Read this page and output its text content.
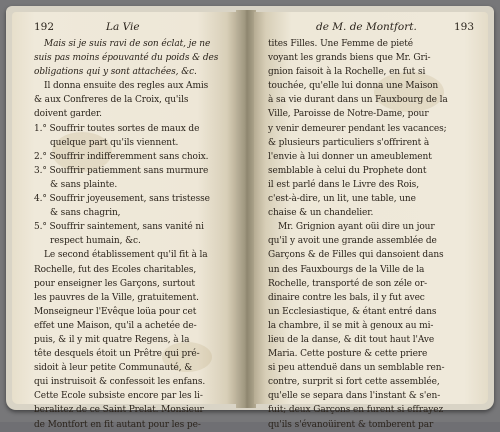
192	La Vie
Mais si je suis ravi de son éclat, je ne
suis pas moins épouvanté du poids & des
obligations qui y sont attachées, &c.
Il donna ensuite des regles aux Amis
& aux Confreres de la Croix, qu'ils
doivent garder.
1.° Souffrir toutes sortes de maux de
quelque part qu'ils viennent.
2.° Souffrir indifferemment sans choix.
3.° Souffrir patiemment sans murmure
& sans plainte.
4.° Souffrir joyeusement, sans tristesse
& sans chagrin,
5.° Souffrir saintement, sans vanité ni
respect humain, &c.
Le second établissement qu'il fit à la
Rochelle, fut des Ecoles charitables,
pour enseigner les Garçons, surtout
les pauvres de la Ville, gratuitement.
Monseigneur l'Evêque loüa pour cet
effet une Maison, qu'il a achetée de-
puis, & il y mit quatre Regens, à la
tête desquels étoit un Prêtre qui pré-
sidoit à leur petite Communauté, &
qui instruisoit & confessoit les enfans.
Cette Ecole subsiste encore par les li-
beralitez de ce Saint Prelat. Monsieur
de Montfort en fit autant pour les pe-
de M. de Montfort.	193
tites Filles. Une Femme de pieté
voyant les grands biens que Mr. Gri-
gnion faisoit à la Rochelle, en fut si
touchée, qu'elle lui donna une Maison
à sa vie durant dans un Fauxbourg de la
Ville, Paroisse de Notre-Dame, pour
y venir demeurer pendant les vacances;
& plusieurs particuliers s'offrirent à
l'envie à lui donner un ameublement
semblable à celui du Prophete dont
il est parlé dans le Livre des Rois,
c'est-à-dire, un lit, une table, une
chaise & un chandelier.
Mr. Grignion ayant oüi dire un jour
qu'il y avoit une grande assemblée de
Garçons & de Filles qui dansoient dans
un des Fauxbourgs de la Ville de la
Rochelle, transporté de son zéle or-
dinaire contre les bals, il y fut avec
un Ecclesiastique, & étant entré dans
la chambre, il se mit à genoux au mi-
lieu de la danse, & dit tout haut l'Ave
Maria. Cette posture & cette priere
si peu attenduë dans un semblable ren-
contre, surprit si fort cette assemblée,
qu'elle se separa dans l'instant & s'en-
fuit; deux Garçons en furent si effrayez
qu'ils s'évanoüirent & tomberent par
